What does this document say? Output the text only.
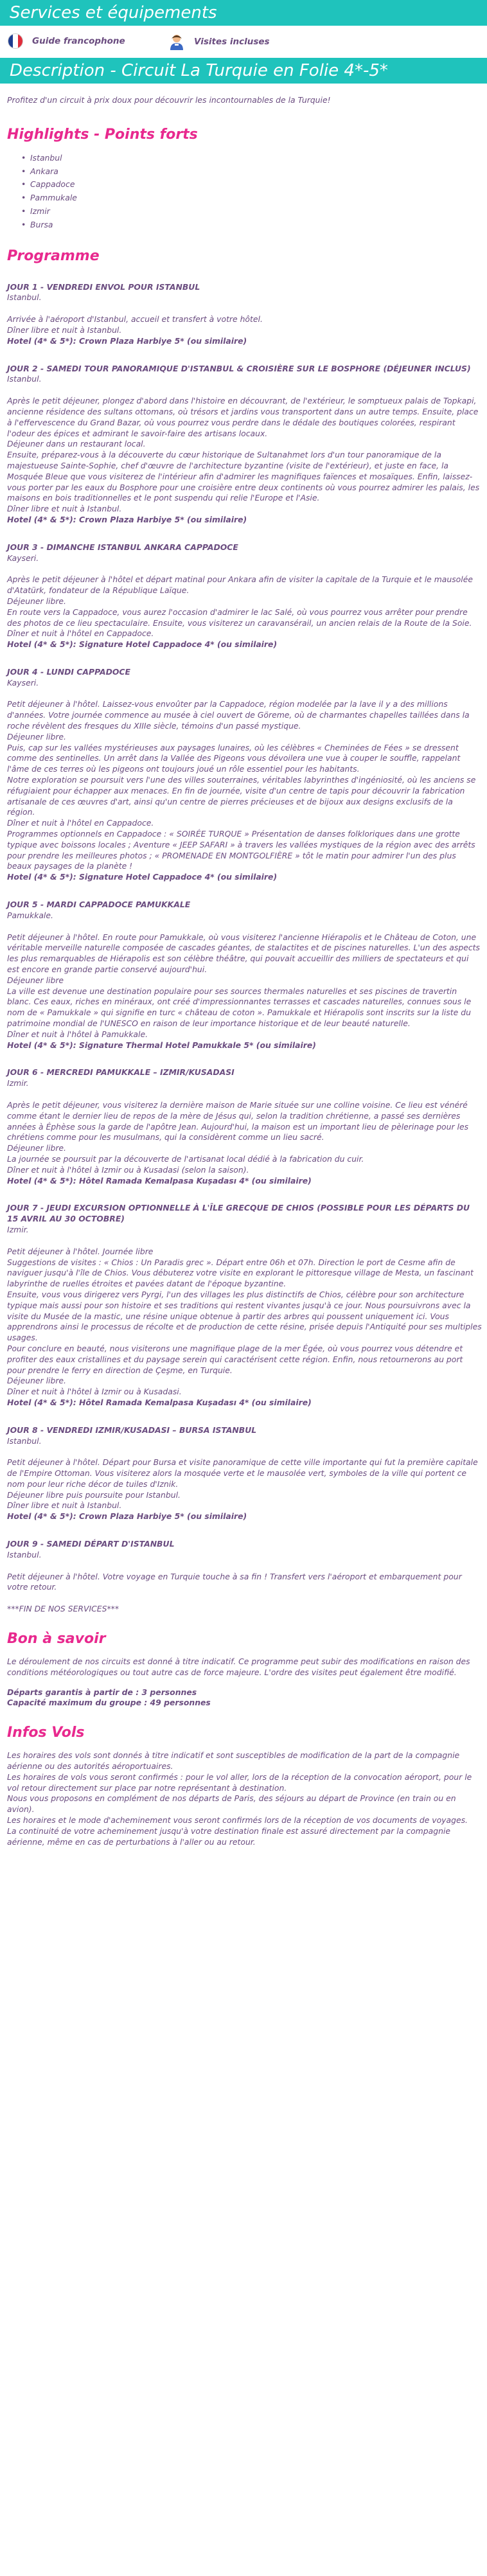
Services et équipements
Guide francophone	Visites incluses
Description - Circuit La Turquie en Folie 4*-5*

Profitez d'un circuit à prix doux pour découvrir les incontournables de la Turquie!

Highlights - Points forts
• Istanbul
• Ankara
• Cappadoce
• Pammukale
• Izmir
• Bursa
Programme

JOUR 1 - VENDREDI ENVOL POUR ISTANBUL

Istanbul.

Arrivée à l'aéroport d'Istanbul, accueil et transfert à votre hôtel.

Dîner libre et nuit à Istanbul.

Hotel (4* & 5*): Crown Plaza Harbiye 5* (ou similaire)

JOUR 2 - SAMEDI TOUR PANORAMIQUE D'ISTANBUL & CROISIÈRE SUR LE BOSPHORE (DÉJEUNER INCLUS)

Istanbul.

Après le petit déjeuner, plongez d'abord dans l'histoire en découvrant, de l'extérieur, le somptueux palais de Topkapi, ancienne résidence des sultans ottomans, où trésors et jardins vous transportent dans un autre temps. Ensuite, place à l'effervescence du Grand Bazar, où vous pourrez vous perdre dans le dédale des boutiques colorées, respirant l'odeur des épices et admirant le savoir-faire des artisans locaux.

Déjeuner dans un restaurant local.

Ensuite, préparez-vous à la découverte du cœur historique de Sultanahmet lors d'un tour panoramique de la majestueuse Sainte-Sophie, chef d'œuvre de l'architecture byzantine (visite de l'extérieur), et juste en face, la Mosquée Bleue que vous visiterez de l'intérieur afin d'admirer les magnifiques faïences et mosaïques. Enfin, laissez-vous porter par les eaux du Bosphore pour une croisière entre deux continents où vous pourrez admirer les palais, les maisons en bois traditionnelles et le pont suspendu qui relie l'Europe et l'Asie.

Dîner libre et nuit à Istanbul.

Hotel (4* & 5*): Crown Plaza Harbiye 5* (ou similaire)

JOUR 3 - DIMANCHE ISTANBUL ANKARA CAPPADOCE

Kayseri.

Après le petit déjeuner à l'hôtel et départ matinal pour Ankara afin de visiter la capitale de la Turquie et le mausolée d'Atatürk, fondateur de la République Laïque.

Déjeuner libre.

En route vers la Cappadoce, vous aurez l'occasion d'admirer le lac Salé, où vous pourrez vous arrêter pour prendre des photos de ce lieu spectaculaire. Ensuite, vous visiterez un caravansérail, un ancien relais de la Route de la Soie.

Dîner et nuit à l'hôtel en Cappadoce.

Hotel (4* & 5*): Signature Hotel Cappadoce 4* (ou similaire)

JOUR 4 - LUNDI CAPPADOCE

Kayseri.

Petit déjeuner à l'hôtel. Laissez-vous envoûter par la Cappadoce, région modelée par la lave il y a des millions d'années. Votre journée commence au musée à ciel ouvert de Göreme, où de charmantes chapelles taillées dans la roche révèlent des fresques du XIIIe siècle, témoins d'un passé mystique.

Déjeuner libre.

Puis, cap sur les vallées mystérieuses aux paysages lunaires, où les célèbres « Cheminées de Fées » se dressent comme des sentinelles. Un arrêt dans la Vallée des Pigeons vous dévoilera une vue à couper le souffle, rappelant l'âme de ces terres où les pigeons ont toujours joué un rôle essentiel pour les habitants.

Notre exploration se poursuit vers l'une des villes souterraines, véritables labyrinthes d'ingéniosité, où les anciens se réfugiaient pour échapper aux menaces. En fin de journée, visite d'un centre de tapis pour découvrir la fabrication artisanale de ces œuvres d'art, ainsi qu'un centre de pierres précieuses et de bijoux aux designs exclusifs de la région.

Dîner et nuit à l'hôtel en Cappadoce.

Programmes optionnels en Cappadoce : « SOIRÉE TURQUE » Présentation de danses folkloriques dans une grotte typique avec boissons locales ; Aventure « JEEP SAFARI » à travers les vallées mystiques de la région avec des arrêts pour prendre les meilleures photos ; « PROMENADE EN MONTGOLFIÈRE » tôt le matin pour admirer l'un des plus beaux paysages de la planète !

Hotel (4* & 5*): Signature Hotel Cappadoce 4* (ou similaire)

JOUR 5 - MARDI CAPPADOCE PAMUKKALE

Pamukkale.

Petit déjeuner à l'hôtel. En route pour Pamukkale, où vous visiterez l'ancienne Hiérapolis et le Château de Coton, une véritable merveille naturelle composée de cascades géantes, de stalactites et de piscines naturelles. L'un des aspects les plus remarquables de Hiérapolis est son célèbre théâtre, qui pouvait accueillir des milliers de spectateurs et qui est encore en grande partie conservé aujourd'hui.

Déjeuner libre

La ville est devenue une destination populaire pour ses sources thermales naturelles et ses piscines de travertin blanc. Ces eaux, riches en minéraux, ont créé d'impressionnantes terrasses et cascades naturelles, connues sous le nom de « Pamukkale » qui signifie en turc « château de coton ». Pamukkale et Hiérapolis sont inscrits sur la liste du patrimoine mondial de l'UNESCO en raison de leur importance historique et de leur beauté naturelle.

Dîner et nuit à l'hôtel à Pamukkale.

Hotel (4* & 5*): Signature Thermal Hotel Pamukkale 5* (ou similaire)

JOUR 6 - MERCREDI PAMUKKALE – IZMIR/KUSADASI

Izmir.

Après le petit déjeuner, vous visiterez la dernière maison de Marie située sur une colline voisine. Ce lieu est vénéré comme étant le dernier lieu de repos de la mère de Jésus qui, selon la tradition chrétienne, a passé ses dernières années à Éphèse sous la garde de l'apôtre Jean. Aujourd'hui, la maison est un important lieu de pèlerinage pour les chrétiens comme pour les musulmans, qui la considèrent comme un lieu sacré.

Déjeuner libre.

La journée se poursuit par la découverte de l'artisanat local dédié à la fabrication du cuir.

Dîner et nuit à l'hôtel à Izmir ou à Kusadasi (selon la saison).

Hotel (4* & 5*): Hôtel Ramada Kemalpasa Kuşadası 4* (ou similaire)

JOUR 7 - JEUDI EXCURSION OPTIONNELLE À L'ÎLE GRECQUE DE CHIOS (POSSIBLE POUR LES DÉPARTS DU 15 AVRIL AU 30 OCTOBRE)

Izmir.

Petit déjeuner à l'hôtel. Journée libre

Suggestions de visites : « Chios : Un Paradis grec ». Départ entre 06h et 07h. Direction le port de Cesme afin de naviguer jusqu'à l'île de Chios. Vous débuterez votre visite en explorant le pittoresque village de Mesta, un fascinant labyrinthe de ruelles étroites et pavées datant de l'époque byzantine.

Ensuite, vous vous dirigerez vers Pyrgi, l'un des villages les plus distinctifs de Chios, célèbre pour son architecture typique mais aussi pour son histoire et ses traditions qui restent vivantes jusqu'à ce jour. Nous poursuivrons avec la visite du Musée de la mastic, une résine unique obtenue à partir des arbres qui poussent uniquement ici. Vous apprendrons ainsi le processus de récolte et de production de cette résine, prisée depuis l'Antiquité pour ses multiples usages.

Pour conclure en beauté, nous visiterons une magnifique plage de la mer Égée, où vous pourrez vous détendre et profiter des eaux cristallines et du paysage serein qui caractérisent cette région. Enfin, nous retournerons au port pour prendre le ferry en direction de Çeşme, en Turquie.

Déjeuner libre.

Dîner et nuit à l'hôtel à Izmir ou à Kusadasi.

Hotel (4* & 5*): Hôtel Ramada Kemalpasa Kuşadası 4* (ou similaire)

JOUR 8 - VENDREDI IZMIR/KUSADASI – BURSA ISTANBUL

Istanbul.

Petit déjeuner à l'hôtel. Départ pour Bursa et visite panoramique de cette ville importante qui fut la première capitale de l'Empire Ottoman. Vous visiterez alors la mosquée verte et le mausolée vert, symboles de la ville qui portent ce nom pour leur riche décor de tuiles d'Iznik.

Déjeuner libre puis poursuite pour Istanbul.

Dîner libre et nuit à Istanbul.

Hotel (4* & 5*): Crown Plaza Harbiye 5* (ou similaire)

JOUR 9 - SAMEDI DÉPART D'ISTANBUL

Istanbul.

Petit déjeuner à l'hôtel. Votre voyage en Turquie touche à sa fin ! Transfert vers l'aéroport et embarquement pour votre retour.

***FIN DE NOS SERVICES***

Bon à savoir

Le déroulement de nos circuits est donné à titre indicatif. Ce programme peut subir des modifications en raison des conditions météorologiques ou tout autre cas de force majeure. L'ordre des visites peut également être modifié.

Départs garantis à partir de : 3 personnes

Capacité maximum du groupe : 49 personnes

Infos Vols

Les horaires des vols sont donnés à titre indicatif et sont susceptibles de modification de la part de la compagnie aérienne ou des autorités aéroportuaires.

Les horaires de vols vous seront confirmés : pour le vol aller, lors de la réception de la convocation aéroport, pour le vol retour directement sur place par notre représentant à destination.

Nous vous proposons en complément de nos départs de Paris, des séjours au départ de Province (en train ou en avion).

Les horaires et le mode d'acheminement vous seront confirmés lors de la réception de vos documents de voyages.

La continuité de votre acheminement jusqu'à votre destination finale est assuré directement par la compagnie aérienne, même en cas de perturbations à l'aller ou au retour.
